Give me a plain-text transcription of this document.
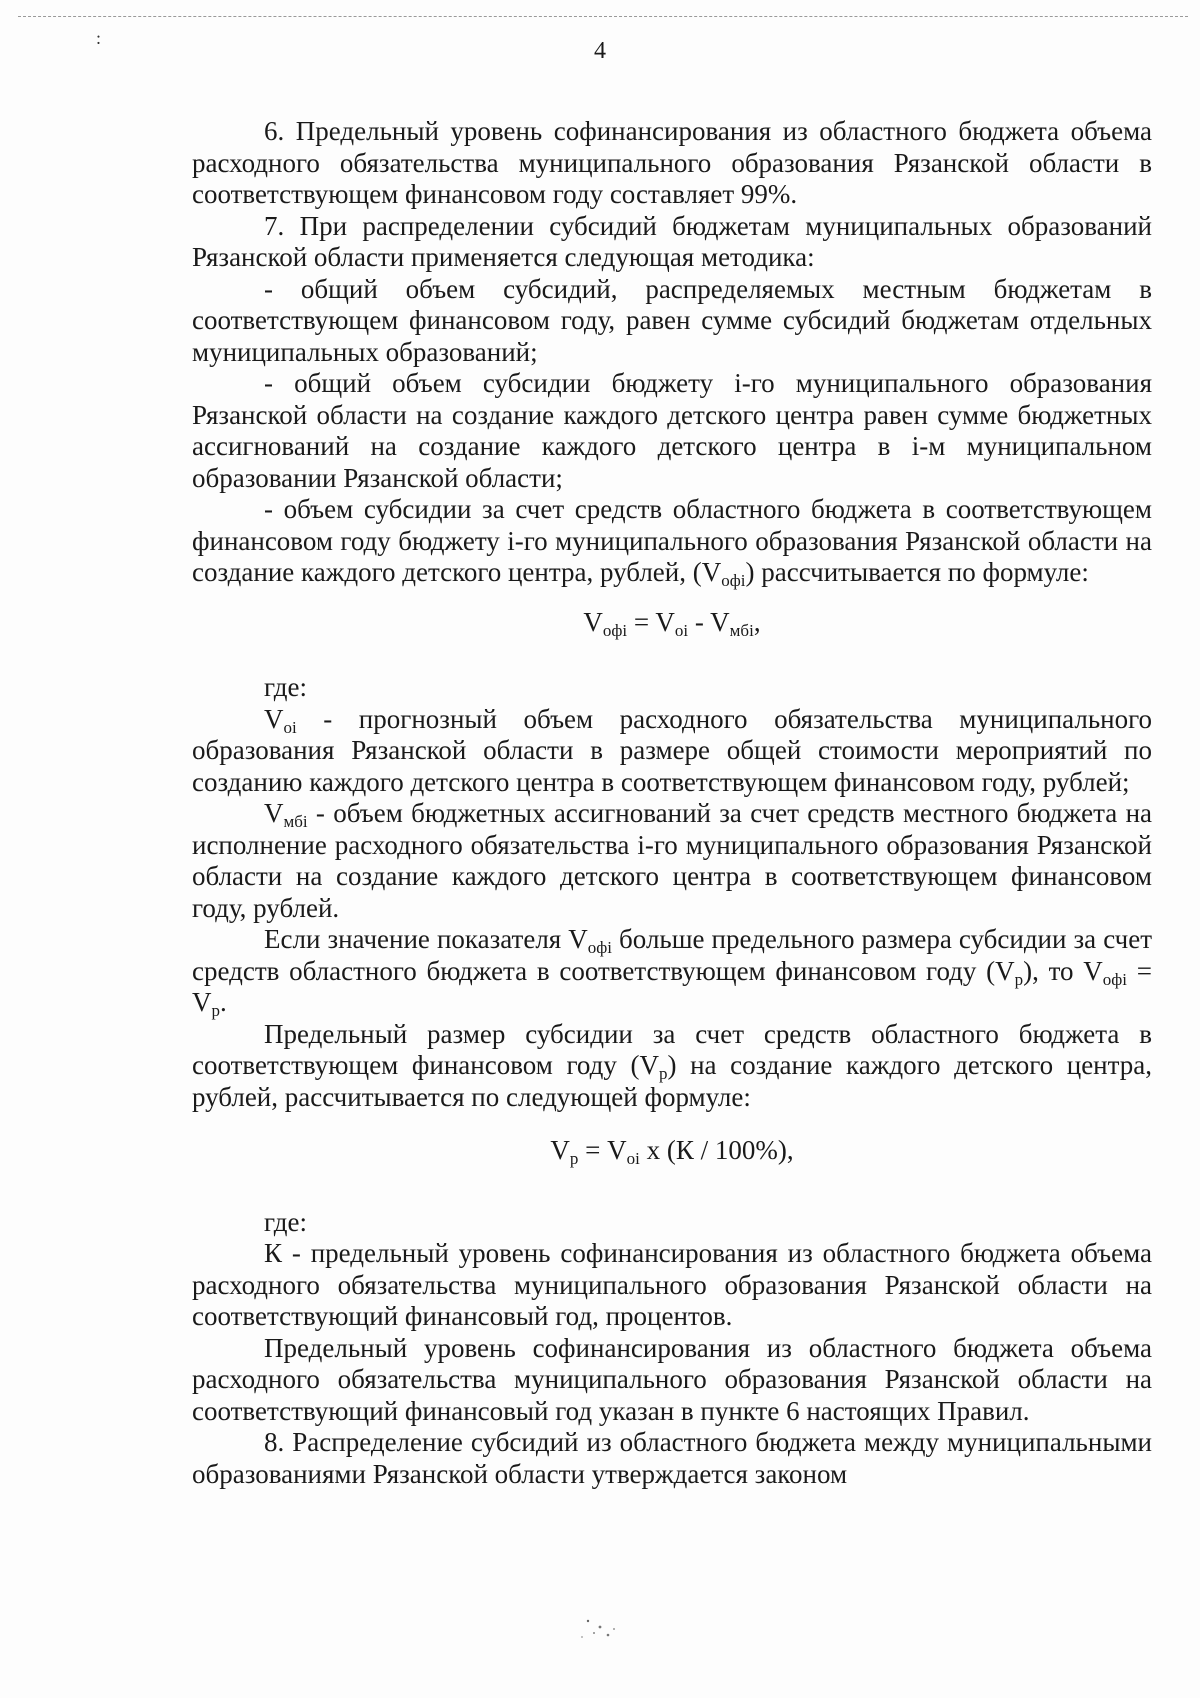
:	4

6. Предельный уровень софинансирования из областного бюджета объема расходного обязательства муниципального образования Рязанской области в соответствующем финансовом году составляет 99%.

7. При распределении субсидий бюджетам муниципальных образований Рязанской области применяется следующая методика:

- общий объем субсидий, распределяемых местным бюджетам в соответствующем финансовом году, равен сумме субсидий бюджетам отдельных муниципальных образований;

- общий объем субсидии бюджету i-го муниципального образования Рязанской области на создание каждого детского центра равен сумме бюджетных ассигнований на создание каждого детского центра в i-м муниципальном образовании Рязанской области;

- объем субсидии за счет средств областного бюджета в соответствующем финансовом году бюджету i-го муниципального образования Рязанской области на создание каждого детского центра, рублей, $(V_{офi})$ рассчитывается по формуле:

$V_{офi} = V_{oi} - V_{мбi}$,

где:

$V_{oi}$ - прогнозный объем расходного обязательства муниципального образования Рязанской области в размере общей стоимости мероприятий по созданию каждого детского центра в соответствующем финансовом году, рублей;

$V_{мбi}$ - объем бюджетных ассигнований за счет средств местного бюджета на исполнение расходного обязательства i-го муниципального образования Рязанской области на создание каждого детского центра в соответствующем финансовом году, рублей.

Если значение показателя $V_{офi}$ больше предельного размера субсидии за счет средств областного бюджета в соответствующем финансовом году $(V_р)$, то $V_{офi} = V_р$.

Предельный размер субсидии за счет средств областного бюджета в соответствующем финансовом году $(V_р)$ на создание каждого детского центра, рублей, рассчитывается по следующей формуле:

$V_р = V_{oi}$ x (К / 100%),

где:

К - предельный уровень софинансирования из областного бюджета объема расходного обязательства муниципального образования Рязанской области на соответствующий финансовый год, процентов.

Предельный уровень софинансирования из областного бюджета объема расходного обязательства муниципального образования Рязанской области на соответствующий финансовый год указан в пункте 6 настоящих Правил.

8. Распределение субсидий из областного бюджета между муниципальными образованиями Рязанской области утверждается законом
